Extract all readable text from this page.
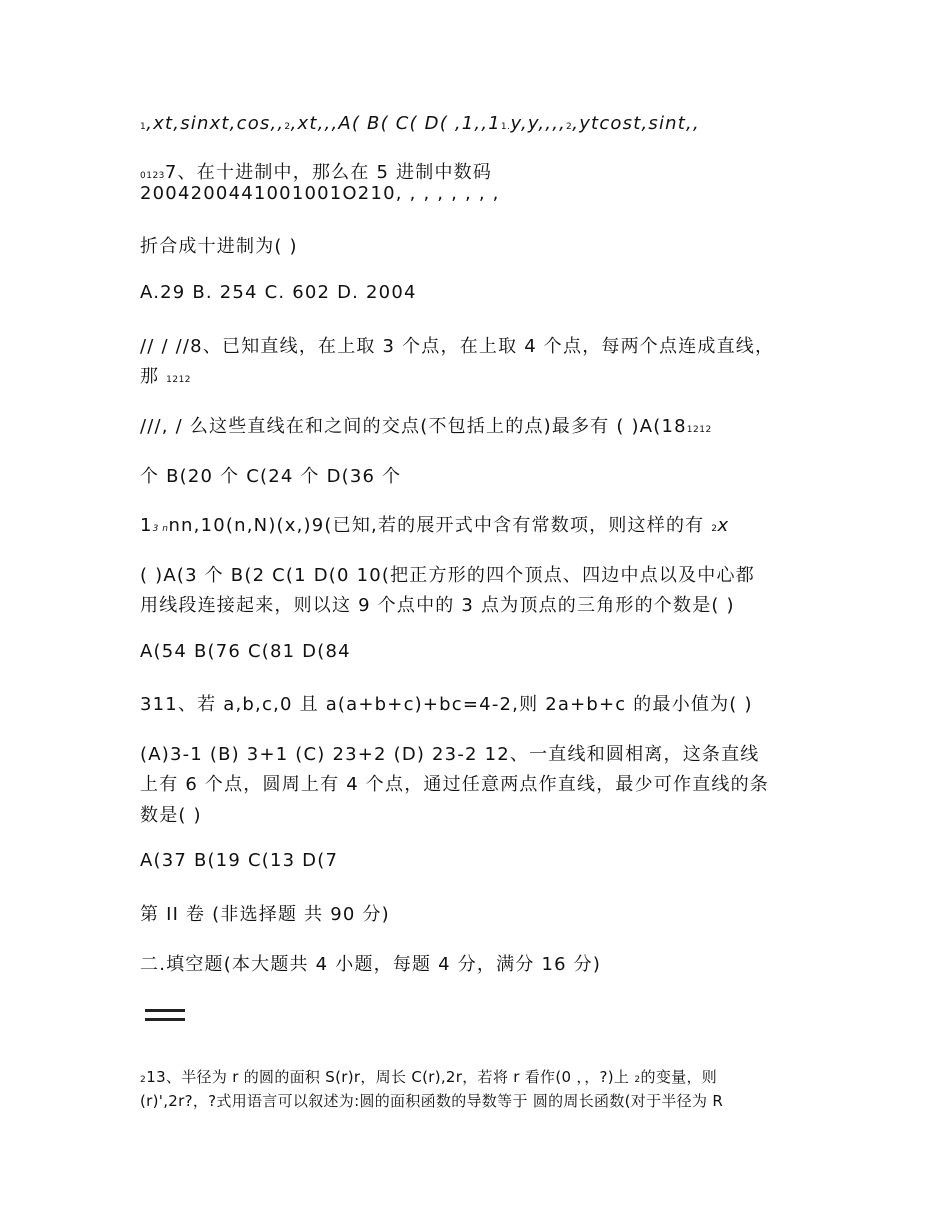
1,xt,sinxt,cos,,2,xt,,,A( B( C( D( ,1,,11.y,y,,,,2,ytcost,sint,,
01237、在十进制中，那么在 5 进制中数码
2004200441001001O210, , , , , , , ,
折合成十进制为( )
A.29 B. 254 C. 602 D. 2004
// / //8、已知直线，在上取 3 个点，在上取 4 个点，每两个点连成直线，
那 1212
///, / 么这些直线在和之间的交点(不包括上的点)最多有 ( )A(181212
个 B(20 个 C(24 个 D(36 个
13 nnn,10(n,N)(x,)9(已知,若的展开式中含有常数项，则这样的有 2x
( )A(3 个 B(2 C(1 D(0 10(把正方形的四个顶点、四边中点以及中心都
用线段连接起来，则以这 9 个点中的 3 点为顶点的三角形的个数是( )
A(54 B(76 C(81 D(84
311、若 a,b,c,0 且 a(a+b+c)+bc=4-2,则 2a+b+c 的最小值为( )
(A)3-1 (B) 3+1 (C) 23+2 (D) 23-2 12、一直线和圆相离，这条直线
上有 6 个点，圆周上有 4 个点，通过任意两点作直线，最少可作直线的条
数是( )
A(37 B(19 C(13 D(7
第 II 卷 (非选择题 共 90 分)
二.填空题(本大题共 4 小题，每题 4 分，满分 16 分)
213、半径为 r 的圆的面积 S(r)r，周长 C(r),2r，若将 r 看作(0 ，，?)上 2的变量，则
(r)',2r?，?式用语言可以叙述为:圆的面积函数的导数等于 圆的周长函数(对于半径为 R
